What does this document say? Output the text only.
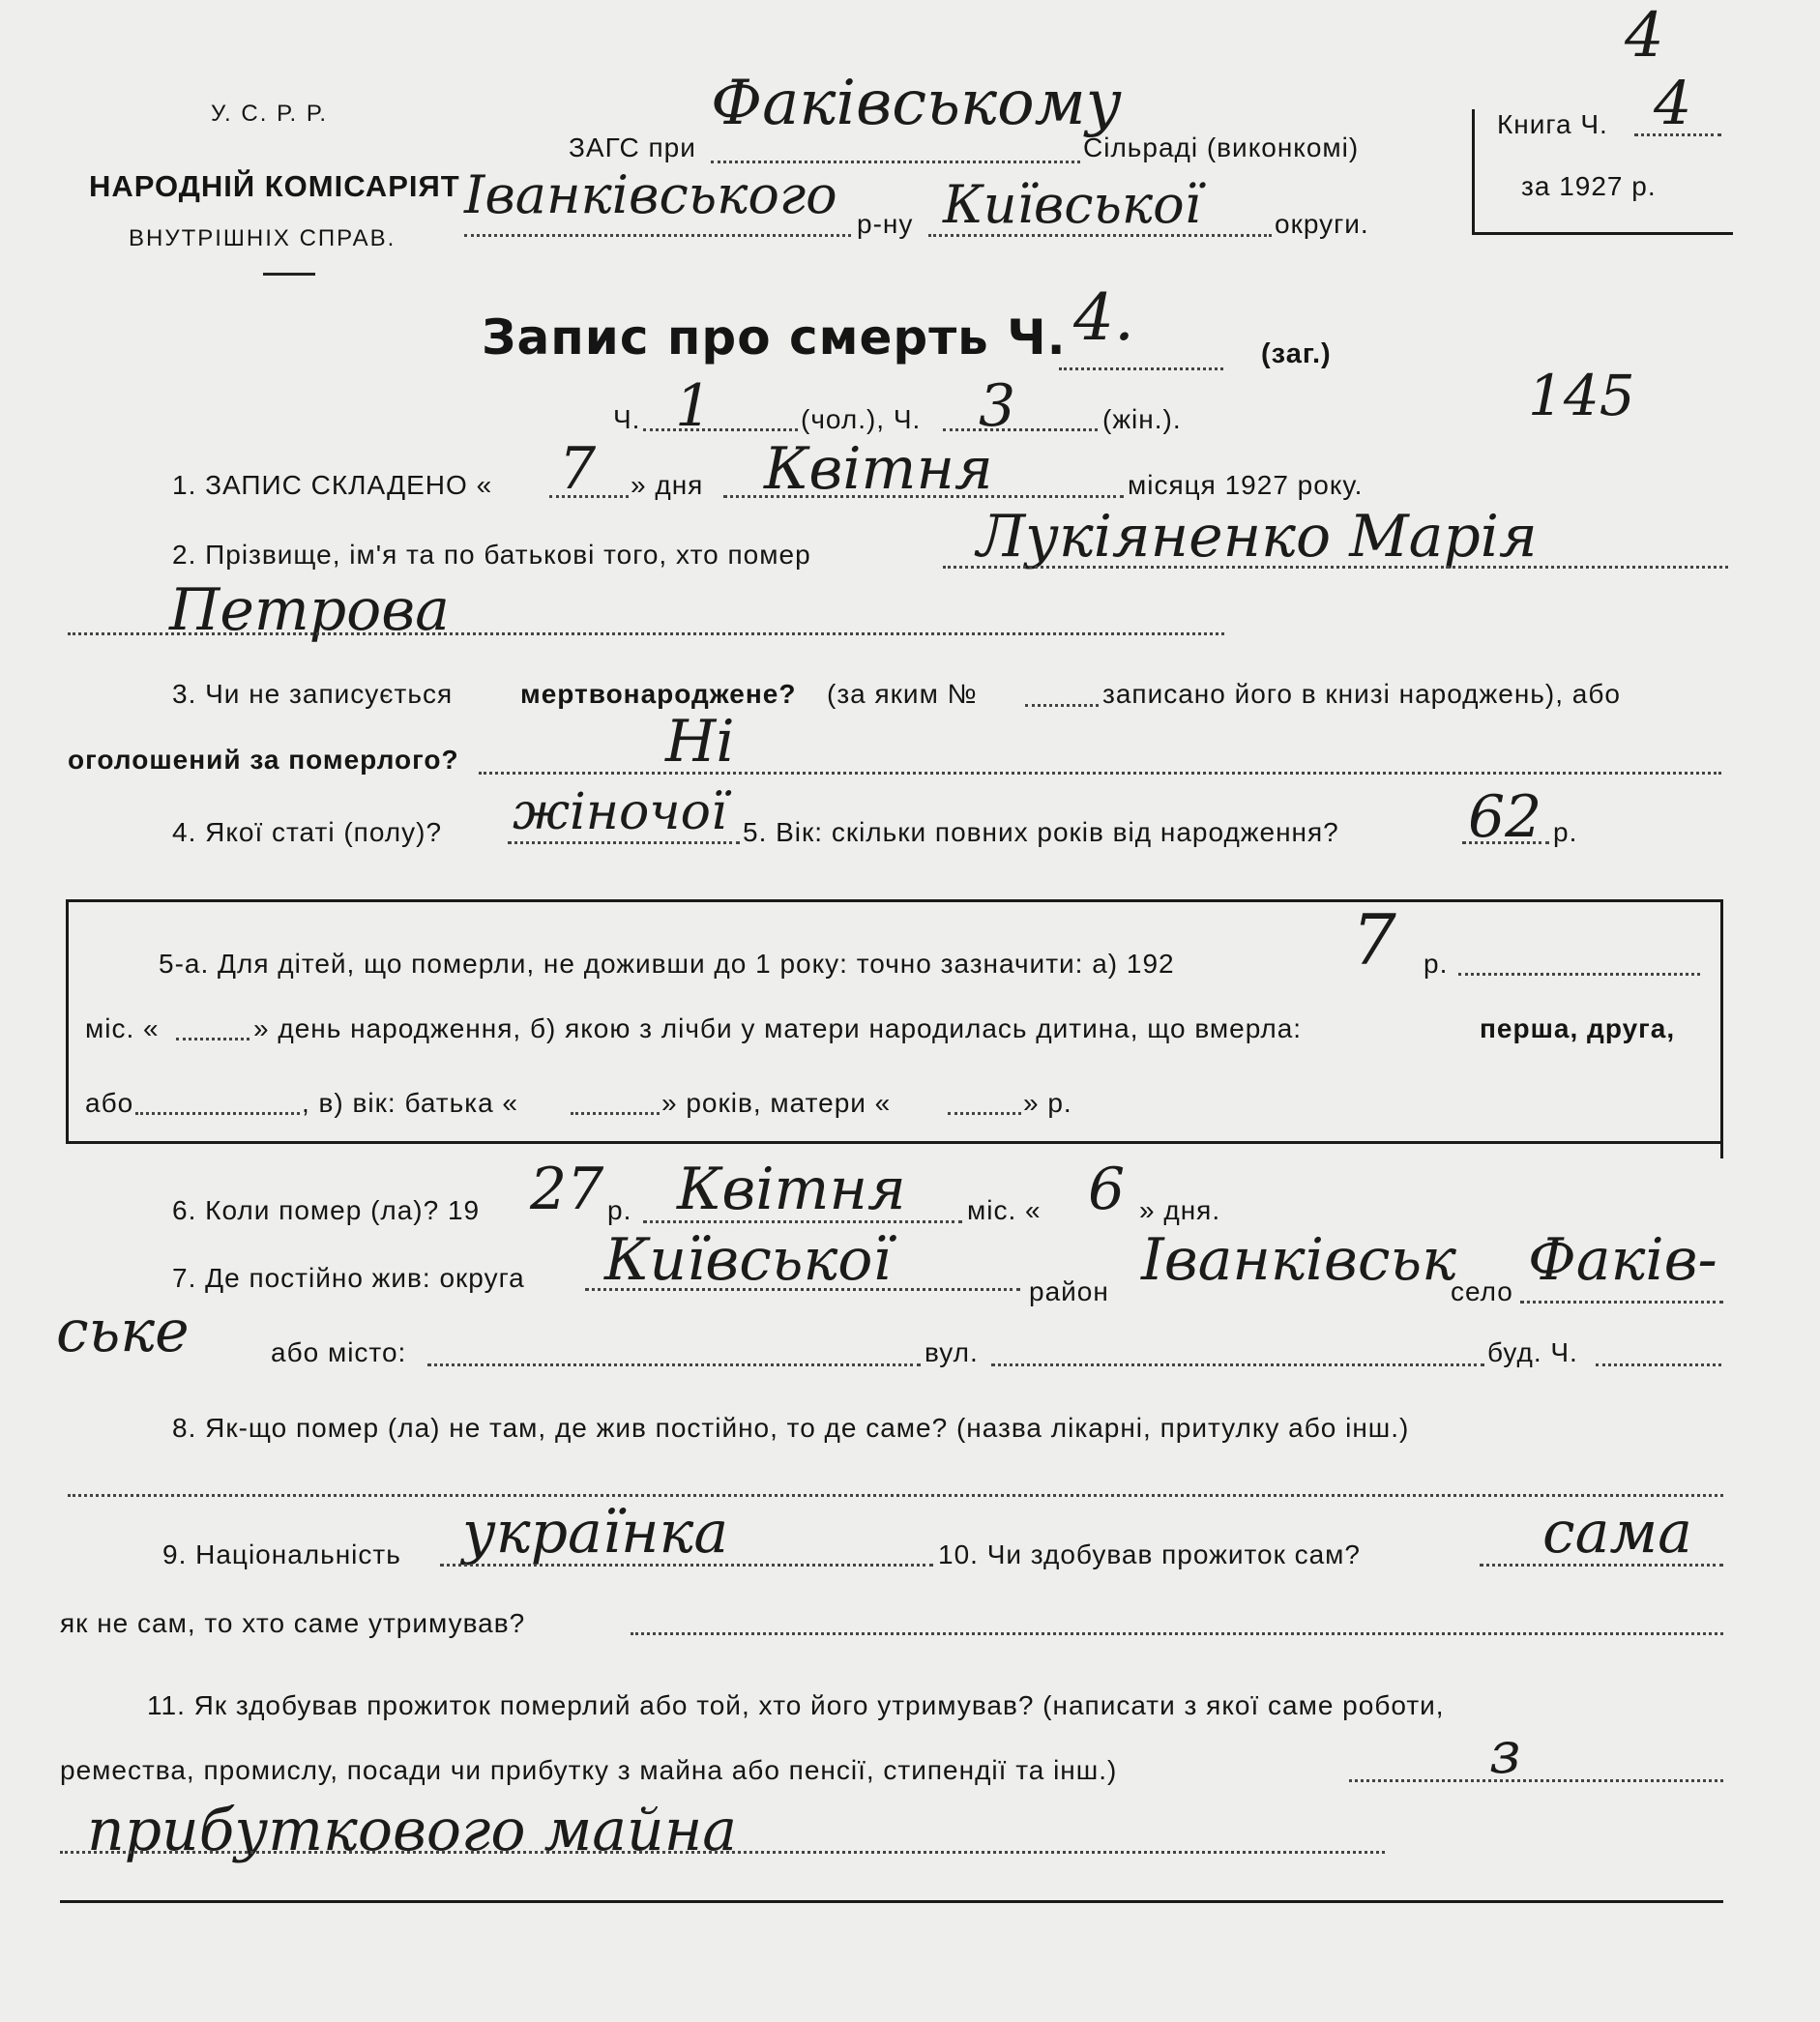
У. С. Р. Р.
НАРОДНІЙ КОМІСАРІЯТ
ВНУТРІШНІХ СПРАВ.
ЗАГС при
Факівському
Сільраді (виконкомі)
Іванківського р-ну Київської	округи.
Книга Ч. 4
4
за 1927 р.
Запис про смерть Ч. 4.	(заг.)
145
Ч. 1	(чол.), Ч. 3	(жін.).
1. ЗАПИС СКЛАДЕНО « 7 » дня Квітня	місяця 1927 року.
2. Прізвище, ім'я та по батькові того, хто помер	Лукіяненко Марія
Петрова
3. Чи не записується мертвонароджене? (за яким №	записано його в книзі народжень), або
оголошений за померлого?	Ні
4. Якої статі (полу)? жіночої 5. Вік: скільки повних років від народження? 62 р.
5-а. Для дітей, що померли, не доживши до 1 року: точно зазначити: а) 192	7 р.
міс. «	» день народження, б) якою з лічби у матери народилась дитина, що вмерла:	перша, друга,
або	, в) вік: батька «	» років, матери «	» р.
6. Коли помер (ла)? 19 27 р. Квітня міс. « 6 » дня.
7. Де постійно жив: округа Київської	район Іванківськ
село Факів-
ське	або місто:	вул.	буд. Ч.
8. Як-що помер (ла) не там, де жив постійно, то де саме? (назва лікарні, притулку або інш.)
9. Національність українка	10. Чи здобував прожиток сам?	сама
як не сам, то хто саме утримував?
11. Як здобував прожиток померлий або той, хто його утримував? (написати з якої саме роботи,
ремества, промислу, посади чи прибутку з майна або пенсії, стипендії та інш.)	з
прибуткового майна
